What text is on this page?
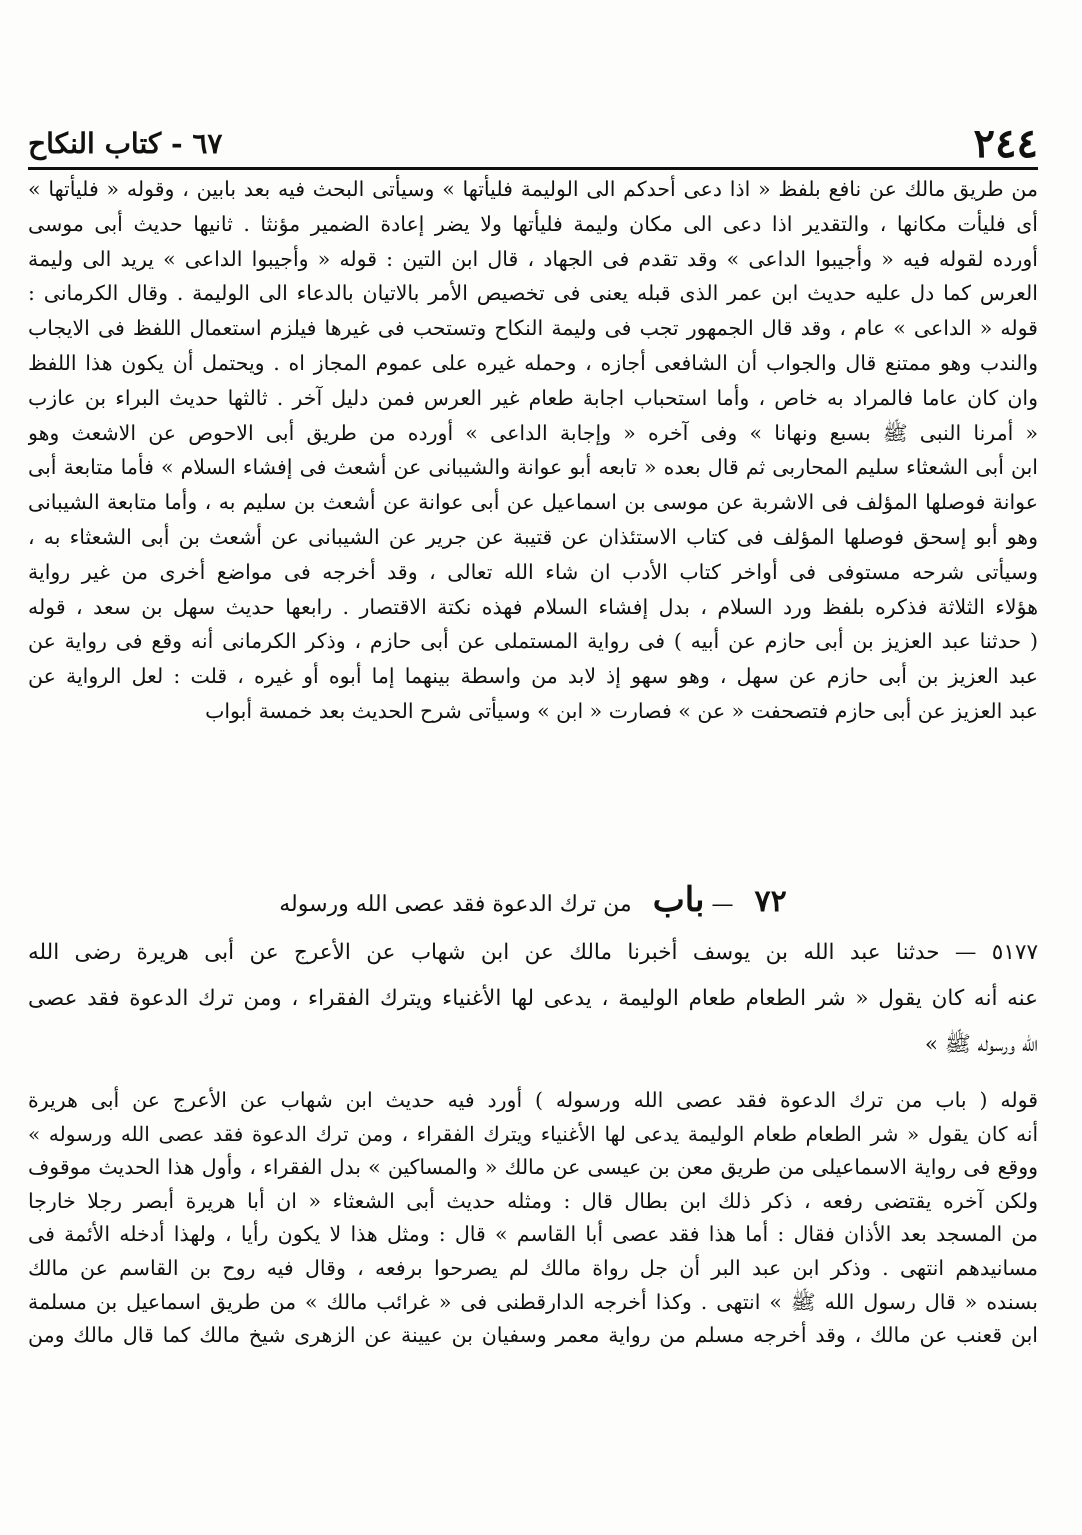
٢٤٤
٦٧ - كتاب النكاح
من طريق مالك عن نافع بلفظ « اذا دعى أحدكم الى الوليمة فليأتها » وسيأتى البحث فيه بعد بابين ، وقوله « فليأتها »
أى فليأت مكانها ، والتقدير اذا دعى الى مكان وليمة فليأتها ولا يضر إعادة الضمير مؤنثا . ثانيها حديث أبى موسى
أورده لقوله فيه « وأجيبوا الداعى » وقد تقدم فى الجهاد ، قال ابن التين : قوله « وأجيبوا الداعى » يريد الى وليمة
العرس كما دل عليه حديث ابن عمر الذى قبله يعنى فى تخصيص الأمر بالاتيان بالدعاء الى الوليمة . وقال الكرمانى :
قوله « الداعى » عام ، وقد قال الجمهور تجب فى وليمة النكاح وتستحب فى غيرها فيلزم استعمال اللفظ فى الايجاب
والندب وهو ممتنع قال والجواب أن الشافعى أجازه ، وحمله غيره على عموم المجاز اه . ويحتمل أن يكون هذا اللفظ
وان كان عاما فالمراد به خاص ، وأما استحباب اجابة طعام غير العرس فمن دليل آخر . ثالثها حديث البراء بن عازب
« أمرنا النبى ﷺ بسبع ونهانا » وفى آخره « وإجابة الداعى » أورده من طريق أبى الاحوص عن الاشعث وهو
ابن أبى الشعثاء سليم المحاربى ثم قال بعده « تابعه أبو عوانة والشيبانى عن أشعث فى إفشاء السلام » فأما متابعة أبى
عوانة فوصلها المؤلف فى الاشربة عن موسى بن اسماعيل عن أبى عوانة عن أشعث بن سليم به ، وأما متابعة الشيبانى
وهو أبو إسحق فوصلها المؤلف فى كتاب الاستئذان عن قتيبة عن جرير عن الشيبانى عن أشعث بن أبى الشعثاء به ،
وسيأتى شرحه مستوفى فى أواخر كتاب الأدب ان شاء الله تعالى ، وقد أخرجه فى مواضع أخرى من غير رواية
هؤلاء الثلاثة فذكره بلفظ ورد السلام ، بدل إفشاء السلام فهذه نكتة الاقتصار . رابعها حديث سهل بن سعد ، قوله
( حدثنا عبد العزيز بن أبى حازم عن أبيه ) فى رواية المستملى عن أبى حازم ، وذكر الكرمانى أنه وقع فى رواية عن
عبد العزيز بن أبى حازم عن سهل ، وهو سهو إذ لابد من واسطة بينهما إما أبوه أو غيره ، قلت : لعل الرواية عن
عبد العزيز عن أبى حازم فتصحفت « عن » فصارت « ابن » وسيأتى شرح الحديث بعد خمسة أبواب
٧٢ — باب من ترك الدعوة فقد عصى الله ورسوله
٥١٧٧ — حدثنا عبد الله بن يوسف أخبرنا مالك عن ابن شهاب عن الأعرج عن أبى هريرة رضى الله
عنه أنه كان يقول « شر الطعام طعام الوليمة ، يدعى لها الأغنياء ويترك الفقراء ، ومن ترك الدعوة فقد عصى
الله ورسوله ﷺ »
قوله ( باب من ترك الدعوة فقد عصى الله ورسوله ) أورد فيه حديث ابن شهاب عن الأعرج عن أبى هريرة
أنه كان يقول « شر الطعام طعام الوليمة يدعى لها الأغنياء ويترك الفقراء ، ومن ترك الدعوة فقد عصى الله ورسوله »
ووقع فى رواية الاسماعيلى من طريق معن بن عيسى عن مالك « والمساكين » بدل الفقراء ، وأول هذا الحديث موقوف
ولكن آخره يقتضى رفعه ، ذكر ذلك ابن بطال قال : ومثله حديث أبى الشعثاء « ان أبا هريرة أبصر رجلا خارجا
من المسجد بعد الأذان فقال : أما هذا فقد عصى أبا القاسم » قال : ومثل هذا لا يكون رأيا ، ولهذا أدخله الأئمة فى
مسانيدهم انتهى . وذكر ابن عبد البر أن جل رواة مالك لم يصرحوا برفعه ، وقال فيه روح بن القاسم عن مالك
بسنده « قال رسول الله ﷺ » انتهى . وكذا أخرجه الدارقطنى فى « غرائب مالك » من طريق اسماعيل بن مسلمة
ابن قعنب عن مالك ، وقد أخرجه مسلم من رواية معمر وسفيان بن عيينة عن الزهرى شيخ مالك كما قال مالك ومن
